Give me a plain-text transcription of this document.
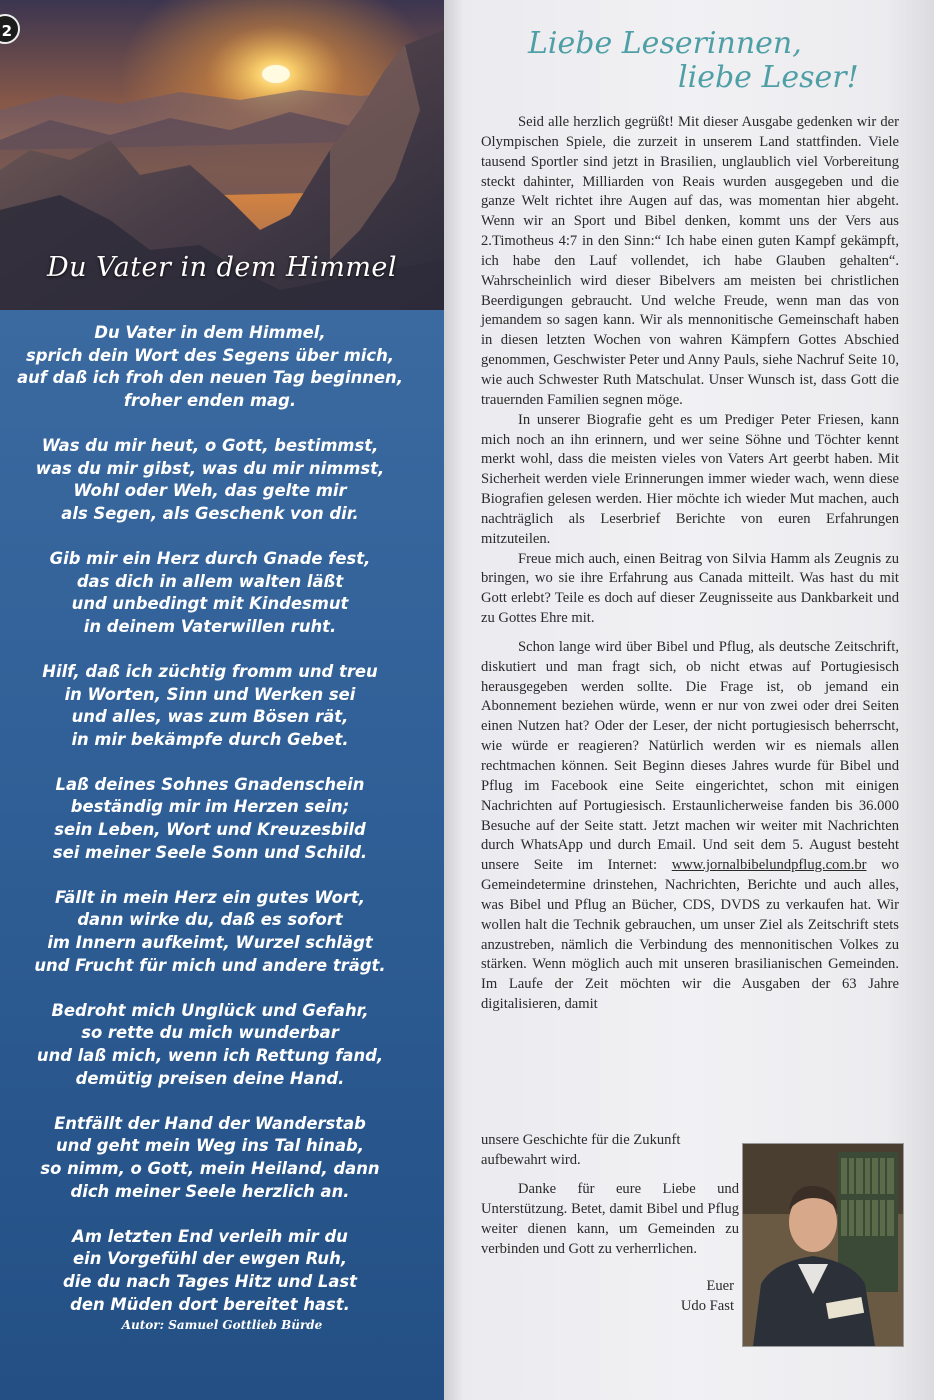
2
Du Vater in dem Himmel
Du Vater in dem Himmel,
sprich dein Wort des Segens über mich,
auf daß ich froh den neuen Tag beginnen,
froher enden mag.
Was du mir heut, o Gott, bestimmst,
was du mir gibst, was du mir nimmst,
Wohl oder Weh, das gelte mir
als Segen, als Geschenk von dir.
Gib mir ein Herz durch Gnade fest,
das dich in allem walten läßt
und unbedingt mit Kindesmut
in deinem Vaterwillen ruht.
Hilf, daß ich züchtig fromm und treu
in Worten, Sinn und Werken sei
und alles, was zum Bösen rät,
in mir bekämpfe durch Gebet.
Laß deines Sohnes Gnadenschein
beständig mir im Herzen sein;
sein Leben, Wort und Kreuzesbild
sei meiner Seele Sonn und Schild.
Fällt in mein Herz ein gutes Wort,
dann wirke du, daß es sofort
im Innern aufkeimt, Wurzel schlägt
und Frucht für mich und andere trägt.
Bedroht mich Unglück und Gefahr,
so rette du mich wunderbar
und laß mich, wenn ich Rettung fand,
demütig preisen deine Hand.
Entfällt der Hand der Wanderstab
und geht mein Weg ins Tal hinab,
so nimm, o Gott, mein Heiland, dann
dich meiner Seele herzlich an.
Am letzten End verleih mir du
ein Vorgefühl der ewgen Ruh,
die du nach Tages Hitz und Last
den Müden dort bereitet hast.
Autor: Samuel Gottlieb Bürde
Liebe Leserinnen,
liebe Leser!

Seid alle herzlich gegrüßt! Mit dieser Ausgabe gedenken wir der Olympischen Spiele, die zurzeit in unserem Land stattfinden. Viele tausend Sportler sind jetzt in Brasilien, unglaublich viel Vorbereitung steckt dahinter, Milliarden von Reais wurden ausgegeben und die ganze Welt richtet ihre Augen auf das, was momentan hier abgeht. Wenn wir an Sport und Bibel denken, kommt uns der Vers aus 2.Timotheus 4:7 in den Sinn:“ Ich habe einen guten Kampf gekämpft, ich habe den Lauf vollendet, ich habe Glauben gehalten“. Wahrscheinlich wird dieser Bibelvers am meisten bei christlichen Beerdigungen gebraucht. Und welche Freude, wenn man das von jemandem so sagen kann. Wir als mennonitische Gemeinschaft haben in diesen letzten Wochen von wahren Kämpfern Gottes Abschied genommen, Geschwister Peter und Anny Pauls, siehe Nachruf Seite 10, wie auch Schwester Ruth Matschulat. Unser Wunsch ist, dass Gott die trauernden Familien segnen möge.

In unserer Biografie geht es um Prediger Peter Friesen, kann mich noch an ihn erinnern, und wer seine Söhne und Töchter kennt merkt wohl, dass die meisten vieles von Vaters Art geerbt haben. Mit Sicherheit werden viele Erinnerungen immer wieder wach, wenn diese Biografien gelesen werden. Hier möchte ich wieder Mut machen, auch nachträglich als Leserbrief Berichte von euren Erfahrungen mitzuteilen.

Freue mich auch, einen Beitrag von Silvia Hamm als Zeugnis zu bringen, wo sie ihre Erfahrung aus Canada mitteilt. Was hast du mit Gott erlebt? Teile es doch auf dieser Zeugnisseite aus Dankbarkeit und zu Gottes Ehre mit.

Schon lange wird über Bibel und Pflug, als deutsche Zeitschrift, diskutiert und man fragt sich, ob nicht etwas auf Portugiesisch herausgegeben werden sollte. Die Frage ist, ob jemand ein Abonnement beziehen würde, wenn er nur von zwei oder drei Seiten einen Nutzen hat? Oder der Leser, der nicht portugiesisch beherrscht, wie würde er reagieren? Natürlich werden wir es niemals allen rechtmachen können. Seit Beginn dieses Jahres wurde für Bibel und Pflug im Facebook eine Seite eingerichtet, schon mit einigen Nachrichten auf Portugiesisch. Erstaunlicherweise fanden bis 36.000 Besuche auf der Seite statt. Jetzt machen wir weiter mit Nachrichten durch WhatsApp und durch Email. Und seit dem 5. August besteht unsere Seite im Internet: www.jornalbibelundpflug.com.br wo Gemeindetermine drinstehen, Nachrichten, Berichte und auch alles, was Bibel und Pflug an Bücher, CDS, DVDS zu verkaufen hat. Wir wollen halt die Technik gebrauchen, um unser Ziel als Zeitschrift stets anzustreben, nämlich die Verbindung des mennonitischen Volkes zu stärken. Wenn möglich auch mit unseren brasilianischen Gemeinden. Im Laufe der Zeit möchten wir die Ausgaben der 63 Jahre digitalisieren, damit

unsere Geschichte für die Zukunft aufbewahrt wird.

Danke für eure Liebe und Unterstützung. Betet, damit Bibel und Pflug weiter dienen kann, um Gemeinden zu verbinden und Gott zu verherrlichen.

Euer
Udo Fast
